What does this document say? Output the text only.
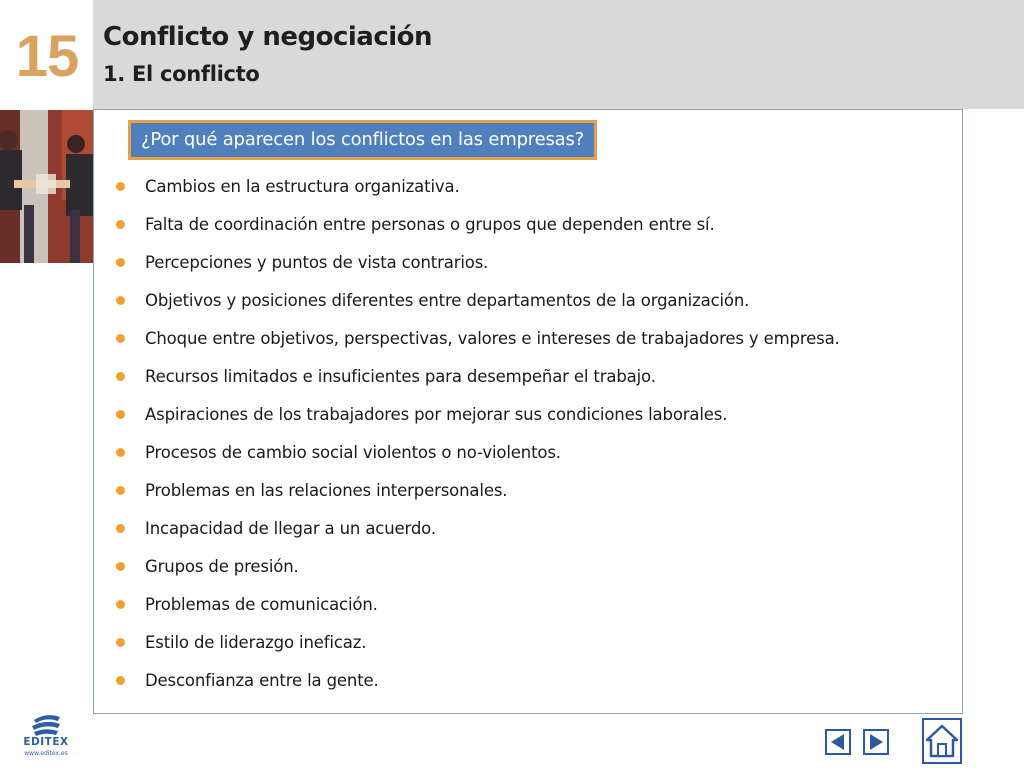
15 Conflicto y negociación
1. El conflicto
¿Por qué aparecen los conflictos en las empresas?
Cambios en la estructura organizativa.
Falta de coordinación entre personas o grupos que dependen entre sí.
Percepciones y puntos de vista contrarios.
Objetivos y posiciones diferentes entre departamentos de la organización.
Choque entre objetivos, perspectivas, valores e intereses de trabajadores y empresa.
Recursos limitados e insuficientes para desempeñar el trabajo.
Aspiraciones de los trabajadores por mejorar sus condiciones laborales.
Procesos de cambio social violentos o no-violentos.
Problemas en las relaciones interpersonales.
Incapacidad de llegar a un acuerdo.
Grupos de presión.
Problemas de comunicación.
Estilo de liderazgo ineficaz.
Desconfianza entre la gente.
EDITEX
www.editex.es
